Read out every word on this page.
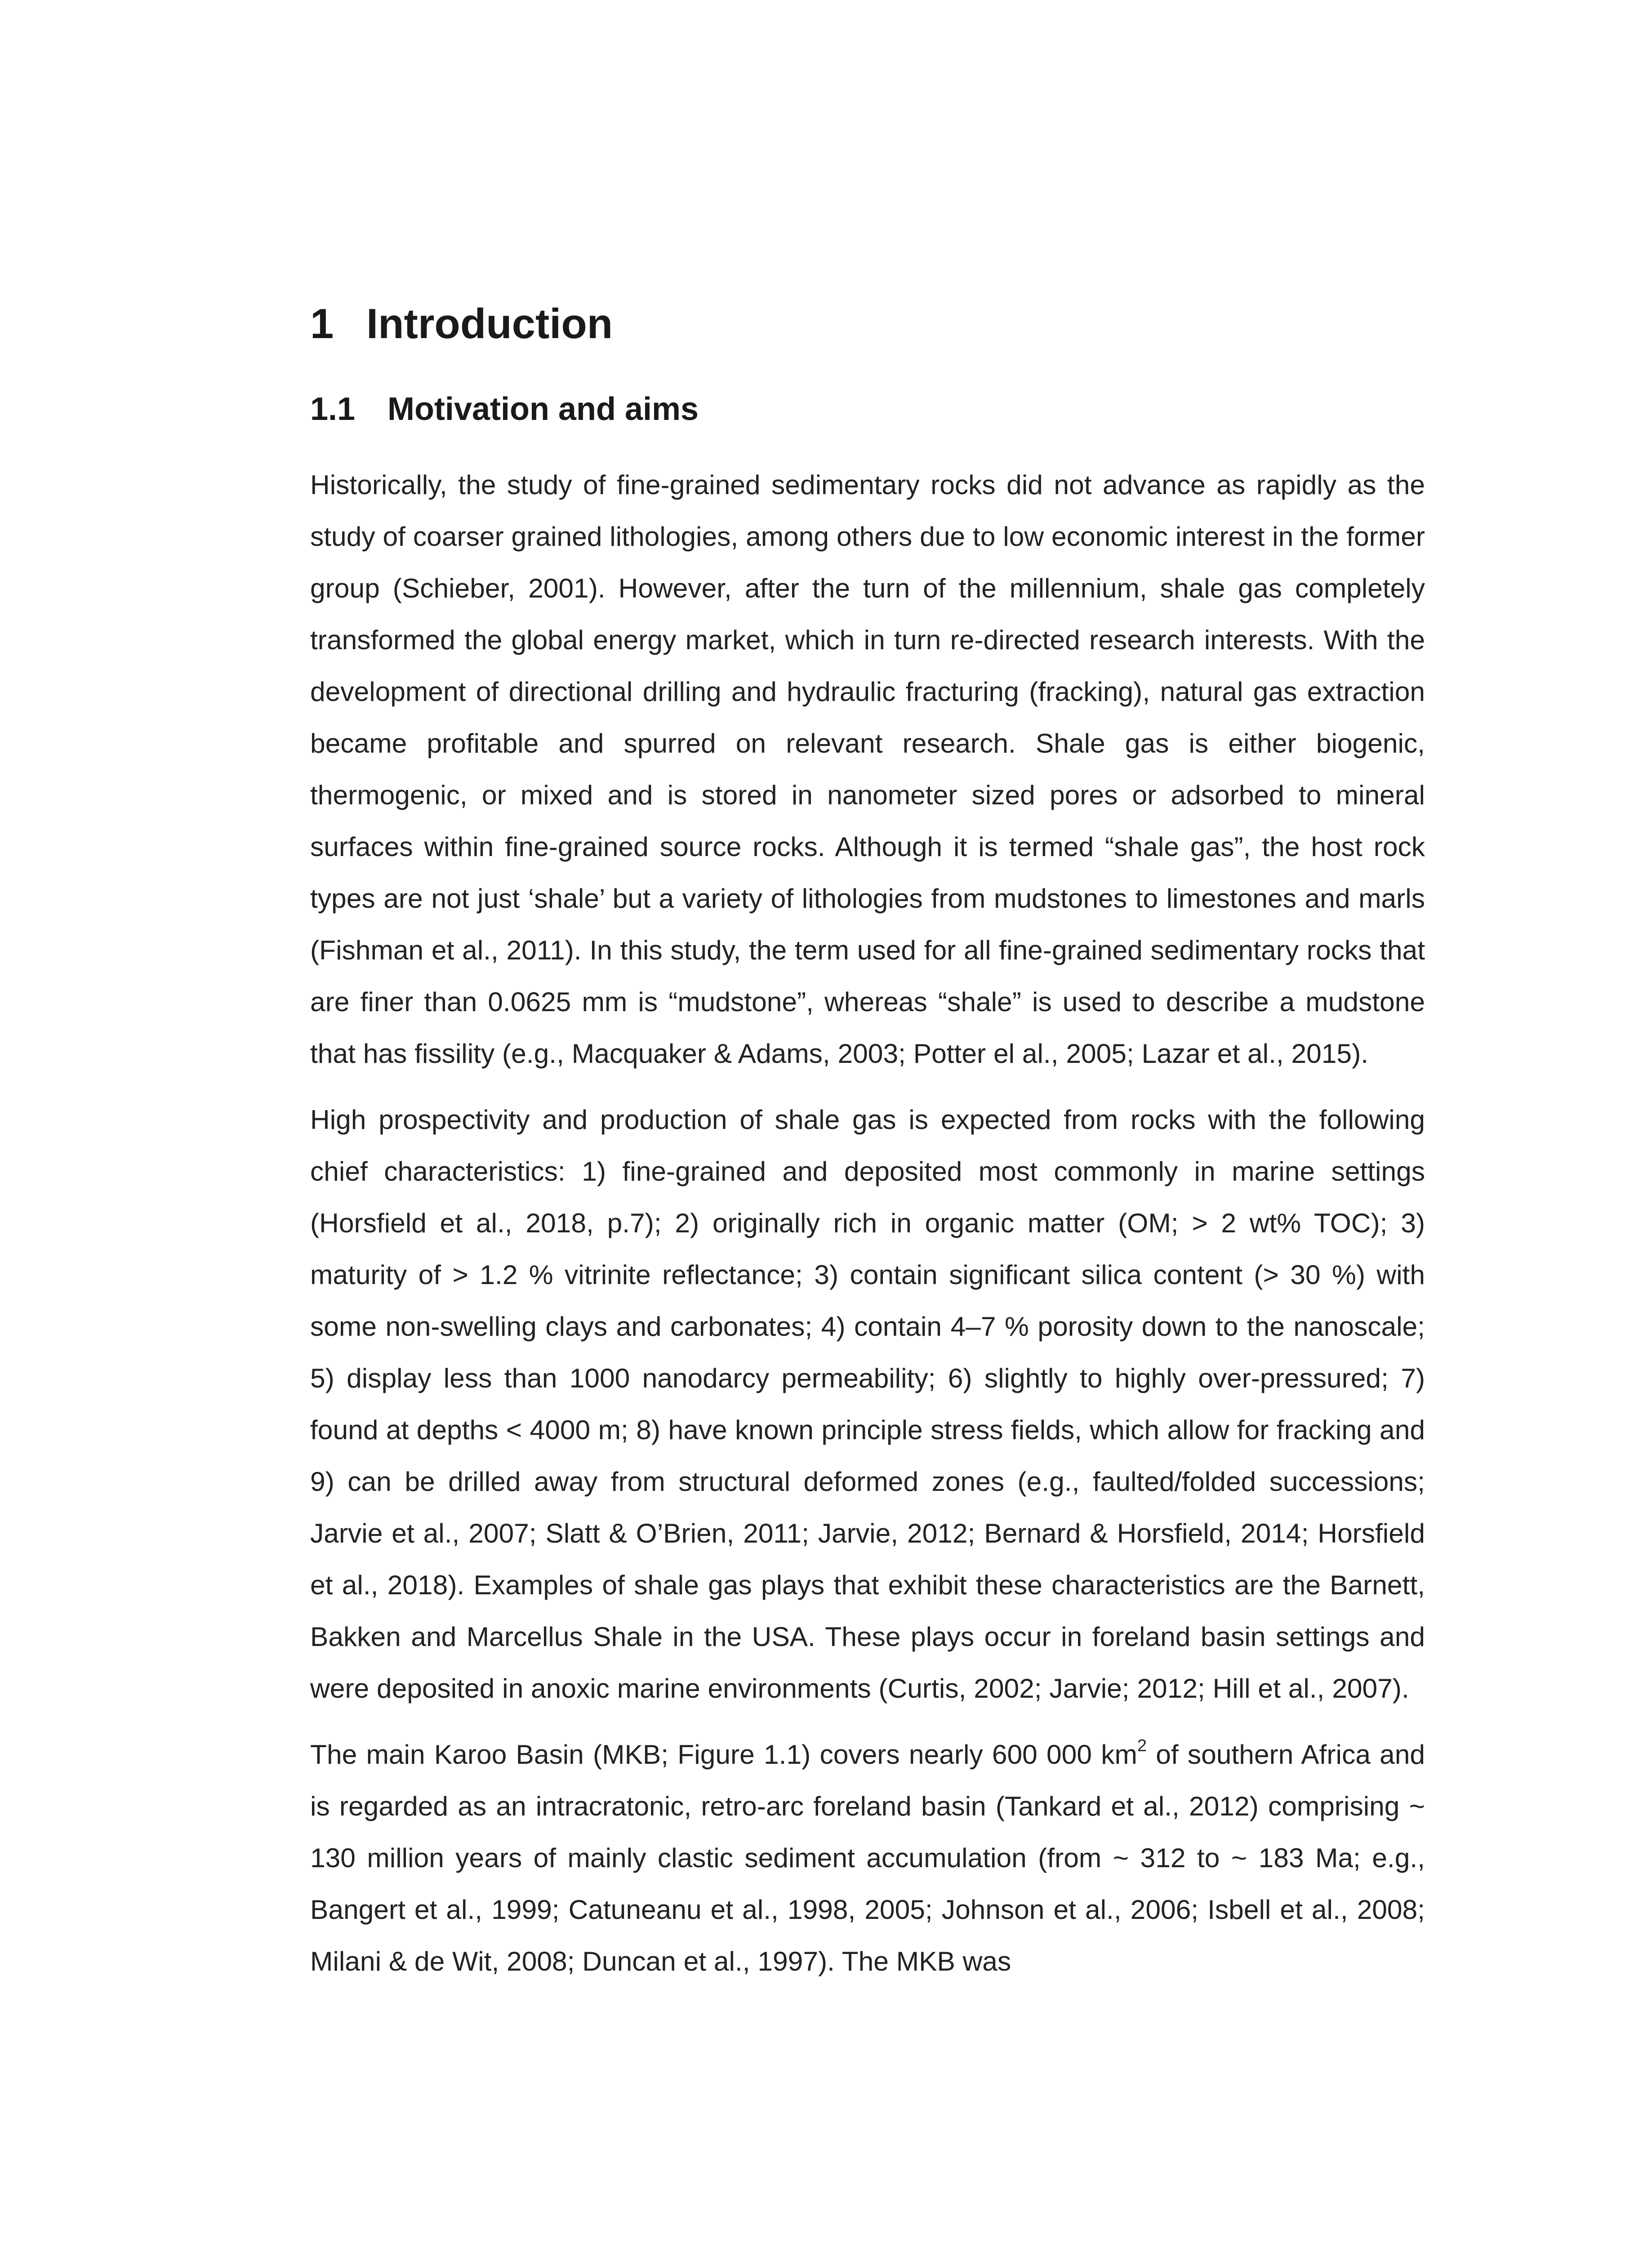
1 Introduction
1.1 Motivation and aims

Historically, the study of fine-grained sedimentary rocks did not advance as rapidly as the study of coarser grained lithologies, among others due to low economic interest in the former group (Schieber, 2001). However, after the turn of the millennium, shale gas completely transformed the global energy market, which in turn re-directed research interests. With the development of directional drilling and hydraulic fracturing (fracking), natural gas extraction became profitable and spurred on relevant research. Shale gas is either biogenic, thermogenic, or mixed and is stored in nanometer sized pores or adsorbed to mineral surfaces within fine-grained source rocks. Although it is termed “shale gas”, the host rock types are not just ‘shale’ but a variety of lithologies from mudstones to limestones and marls (Fishman et al., 2011). In this study, the term used for all fine-grained sedimentary rocks that are finer than 0.0625 mm is “mudstone”, whereas “shale” is used to describe a mudstone that has fissility (e.g., Macquaker & Adams, 2003; Potter el al., 2005; Lazar et al., 2015).

High prospectivity and production of shale gas is expected from rocks with the following chief characteristics: 1) fine-grained and deposited most commonly in marine settings (Horsfield et al., 2018, p.7); 2) originally rich in organic matter (OM; > 2 wt% TOC); 3) maturity of > 1.2 % vitrinite reflectance; 3) contain significant silica content (> 30 %) with some non-swelling clays and carbonates; 4) contain 4–7 % porosity down to the nanoscale; 5) display less than 1000 nanodarcy permeability; 6) slightly to highly over-pressured; 7) found at depths < 4000 m; 8) have known principle stress fields, which allow for fracking and 9) can be drilled away from structural deformed zones (e.g., faulted/folded successions; Jarvie et al., 2007; Slatt & O’Brien, 2011; Jarvie, 2012; Bernard & Horsfield, 2014; Horsfield et al., 2018). Examples of shale gas plays that exhibit these characteristics are the Barnett, Bakken and Marcellus Shale in the USA. These plays occur in foreland basin settings and were deposited in anoxic marine environments (Curtis, 2002; Jarvie; 2012; Hill et al., 2007).

The main Karoo Basin (MKB; Figure 1.1) covers nearly 600 000 $km^2$ of southern Africa and is regarded as an intracratonic, retro-arc foreland basin (Tankard et al., 2012) comprising ~ 130 million years of mainly clastic sediment accumulation (from ~ 312 to ~ 183 Ma; e.g., Bangert et al., 1999; Catuneanu et al., 1998, 2005; Johnson et al., 2006; Isbell et al., 2008; Milani & de Wit, 2008; Duncan et al., 1997). The MKB was
